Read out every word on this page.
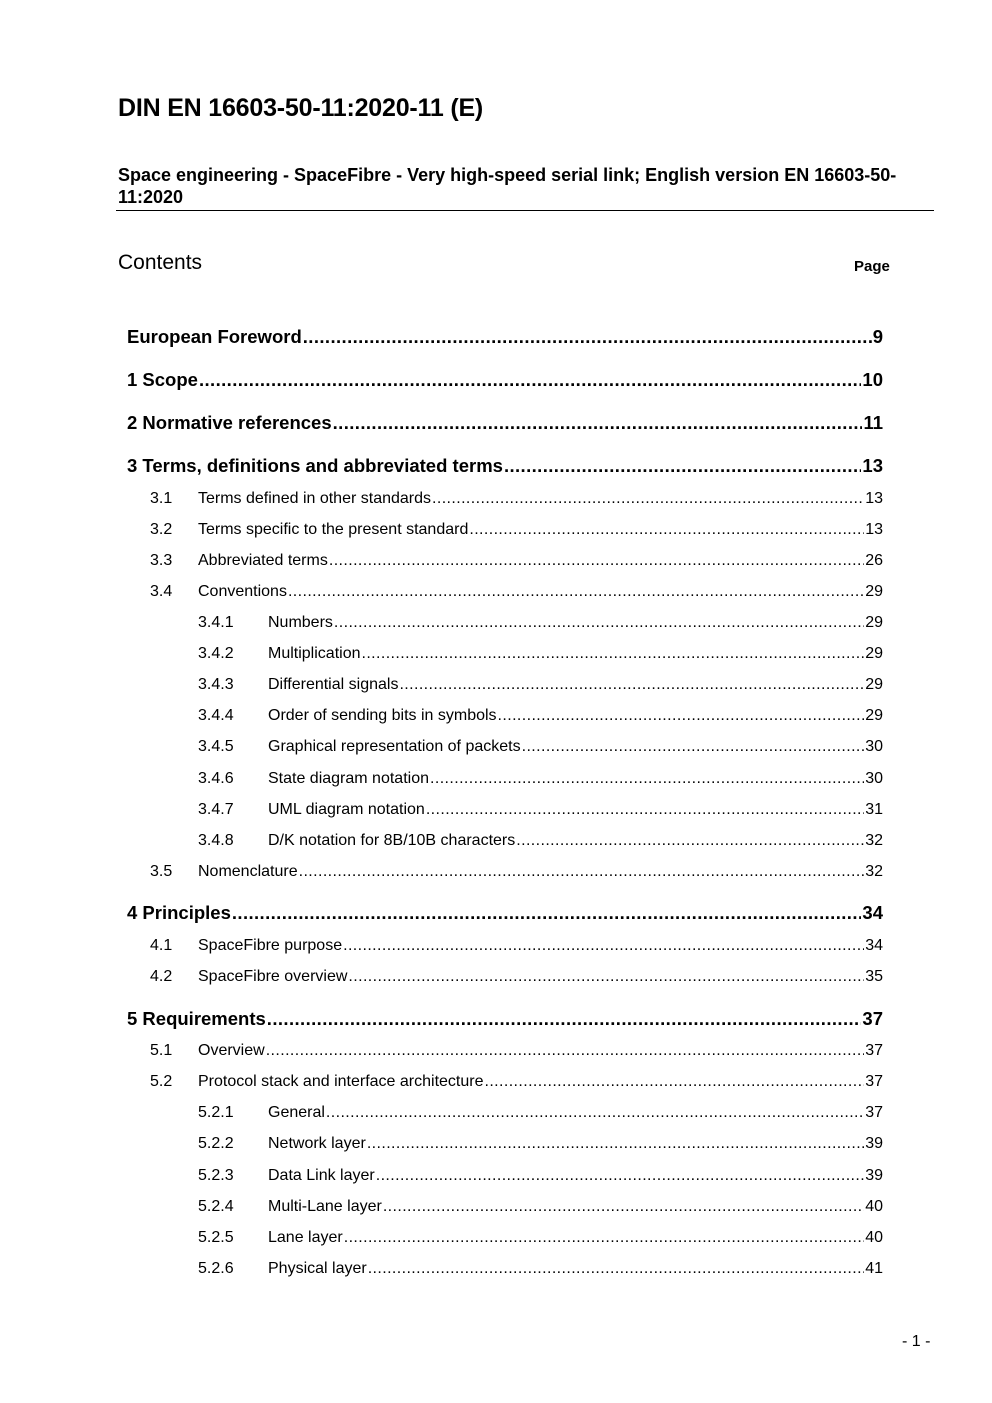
DIN EN 16603-50-11:2020-11 (E)
Space engineering - SpaceFibre - Very high-speed serial link; English version EN 16603-50-11:2020
Contents	Page
European Foreword .....	9
1 Scope .....	10
2 Normative references .....	11
3 Terms, definitions and abbreviated terms .....	13
3.1	Terms defined in other standards .....	13
3.2	Terms specific to the present standard .....	13
3.3	Abbreviated terms .....	26
3.4	Conventions .....	29
3.4.1	Numbers .....	29
3.4.2	Multiplication .....	29
3.4.3	Differential signals .....	29
3.4.4	Order of sending bits in symbols .....	29
3.4.5	Graphical representation of packets .....	30
3.4.6	State diagram notation .....	30
3.4.7	UML diagram notation .....	31
3.4.8	D/K notation for 8B/10B characters .....	32
3.5	Nomenclature .....	32
4 Principles .....	34
4.1	SpaceFibre purpose .....	34
4.2	SpaceFibre overview .....	35
5 Requirements .....	37
5.1	Overview .....	37
5.2	Protocol stack and interface architecture .....	37
5.2.1	General .....	37
5.2.2	Network layer .....	39
5.2.3	Data Link layer .....	39
5.2.4	Multi-Lane layer .....	40
5.2.5	Lane layer .....	40
5.2.6	Physical layer .....	41
- 1 -
